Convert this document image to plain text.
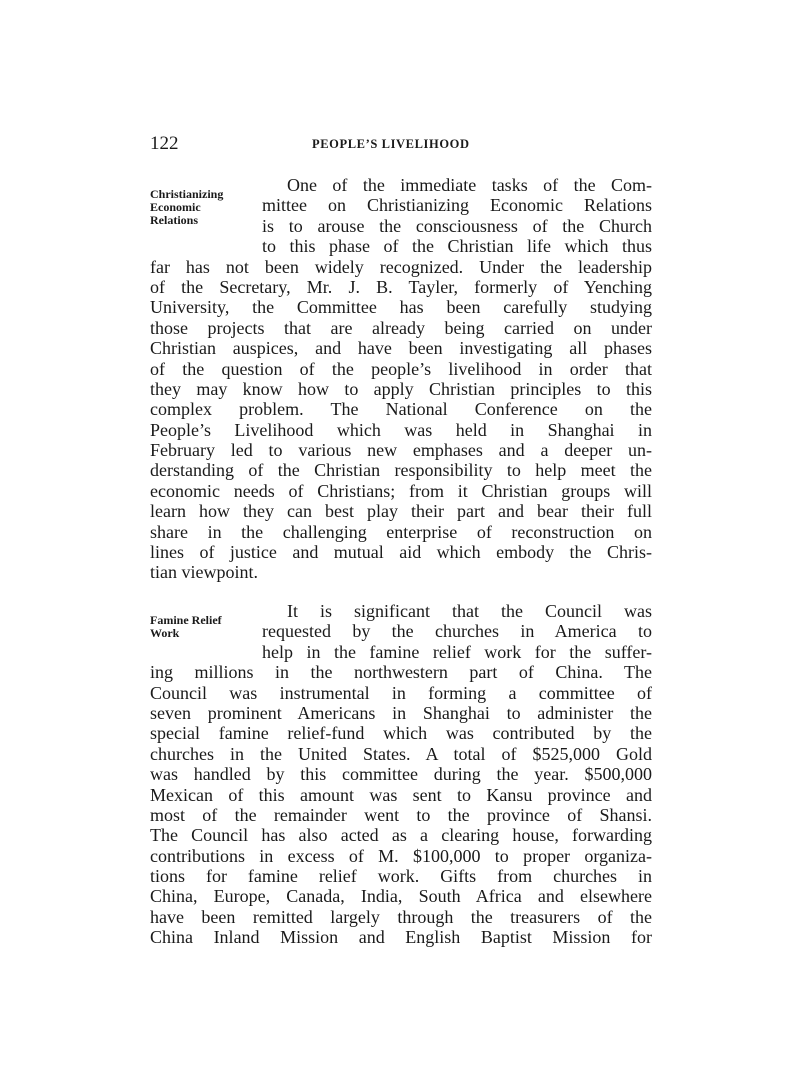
122	PEOPLE’S LIVELIHOOD
Christianizing
Economic
Relations
One of the immediate tasks of the Com-
mittee on Christianizing Economic Relations
is to arouse the consciousness of the Church
to this phase of the Christian life which thus
far has not been widely recognized. Under the leadership
of the Secretary, Mr. J. B. Tayler, formerly of Yenching
University, the Committee has been carefully studying
those projects that are already being carried on under
Christian auspices, and have been investigating all phases
of the question of the people’s livelihood in order that
they may know how to apply Christian principles to this
complex problem. The National Conference on the
People’s Livelihood which was held in Shanghai in
February led to various new emphases and a deeper un-
derstanding of the Christian responsibility to help meet the
economic needs of Christians; from it Christian groups will
learn how they can best play their part and bear their full
share in the challenging enterprise of reconstruction on
lines of justice and mutual aid which embody the Chris-
tian viewpoint.
Famine Relief
Work
It is significant that the Council was
requested by the churches in America to
help in the famine relief work for the suffer-
ing millions in the northwestern part of China. The
Council was instrumental in forming a committee of
seven prominent Americans in Shanghai to administer the
special famine relief-fund which was contributed by the
churches in the United States. A total of $525,000 Gold
was handled by this committee during the year. $500,000
Mexican of this amount was sent to Kansu province and
most of the remainder went to the province of Shansi.
The Council has also acted as a clearing house, forwarding
contributions in excess of M. $100,000 to proper organiza-
tions for famine relief work. Gifts from churches in
China, Europe, Canada, India, South Africa and elsewhere
have been remitted largely through the treasurers of the
China Inland Mission and English Baptist Mission for
